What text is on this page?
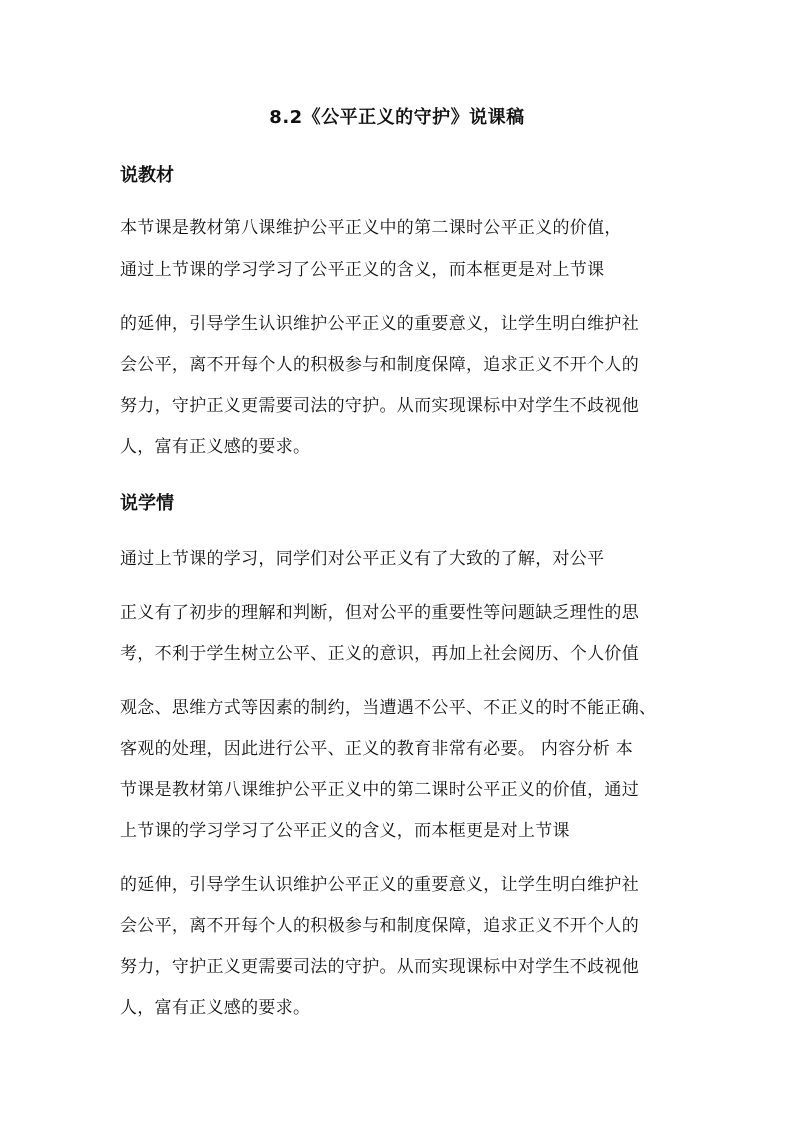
8.2《公平正义的守护》说课稿
说教材
本节课是教材第八课维护公平正义中的第二课时公平正义的价值，
通过上节课的学习学习了公平正义的含义，而本框更是对上节课
的延伸，引导学生认识维护公平正义的重要意义，让学生明白维护社
会公平，离不开每个人的积极参与和制度保障，追求正义不开个人的
努力，守护正义更需要司法的守护。从而实现课标中对学生不歧视他
人，富有正义感的要求。
说学情
通过上节课的学习，同学们对公平正义有了大致的了解，对公平
正义有了初步的理解和判断，但对公平的重要性等问题缺乏理性的思
考，不利于学生树立公平、正义的意识，再加上社会阅历、个人价值
观念、思维方式等因素的制约，当遭遇不公平、不正义的时不能正确、
客观的处理，因此进行公平、正义的教育非常有必要。 内容分析 本
节课是教材第八课维护公平正义中的第二课时公平正义的价值，通过
上节课的学习学习了公平正义的含义，而本框更是对上节课
的延伸，引导学生认识维护公平正义的重要意义，让学生明白维护社
会公平，离不开每个人的积极参与和制度保障，追求正义不开个人的
努力，守护正义更需要司法的守护。从而实现课标中对学生不歧视他
人，富有正义感的要求。
